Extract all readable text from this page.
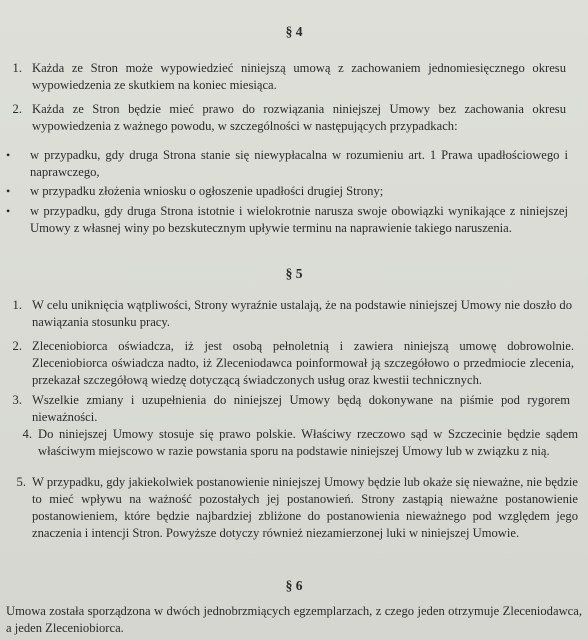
§ 4
1. Każda ze Stron może wypowiedzieć niniejszą umową z zachowaniem jednomiesięcznego okresu wypowiedzenia ze skutkiem na koniec miesiąca.
2. Każda ze Stron będzie mieć prawo do rozwiązania niniejszej Umowy bez zachowania okresu wypowiedzenia z ważnego powodu, w szczególności w następujących przypadkach:
• w przypadku, gdy druga Strona stanie się niewypłacalna w rozumieniu art. 1 Prawa upadłościowego i naprawczego,
• w przypadku złożenia wniosku o ogłoszenie upadłości drugiej Strony;
• w przypadku, gdy druga Strona istotnie i wielokrotnie narusza swoje obowiązki wynikające z niniejszej Umowy z własnej winy po bezskutecznym upływie terminu na naprawienie takiego naruszenia.
§ 5
1. W celu uniknięcia wątpliwości, Strony wyraźnie ustalają, że na podstawie niniejszej Umowy nie doszło do nawiązania stosunku pracy.
2. Zleceniobiorca oświadcza, iż jest osobą pełnoletnią i zawiera niniejszą umowę dobrowolnie. Zleceniobiorca oświadcza nadto, iż Zleceniodawca poinformował ją szczegółowo o przedmiocie zlecenia, przekazał szczegółową wiedzę dotyczącą świadczonych usług oraz kwestii technicznych.
3. Wszelkie zmiany i uzupełnienia do niniejszej Umowy będą dokonywane na piśmie pod rygorem nieważności.
4. Do niniejszej Umowy stosuje się prawo polskie. Właściwy rzeczowo sąd w Szczecinie będzie sądem właściwym miejscowo w razie powstania sporu na podstawie niniejszej Umowy lub w związku z nią.
5. W przypadku, gdy jakiekolwiek postanowienie niniejszej Umowy będzie lub okaże się nieważne, nie będzie to mieć wpływu na ważność pozostałych jej postanowień. Strony zastąpią nieważne postanowienie postanowieniem, które będzie najbardziej zbliżone do postanowienia nieważnego pod względem jego znaczenia i intencji Stron. Powyższe dotyczy również niezamierzonej luki w niniejszej Umowie.
§ 6
Umowa została sporządzona w dwóch jednobrzmiących egzemplarzach, z czego jeden otrzymuje Zleceniodawca, a jeden Zleceniobiorca.
